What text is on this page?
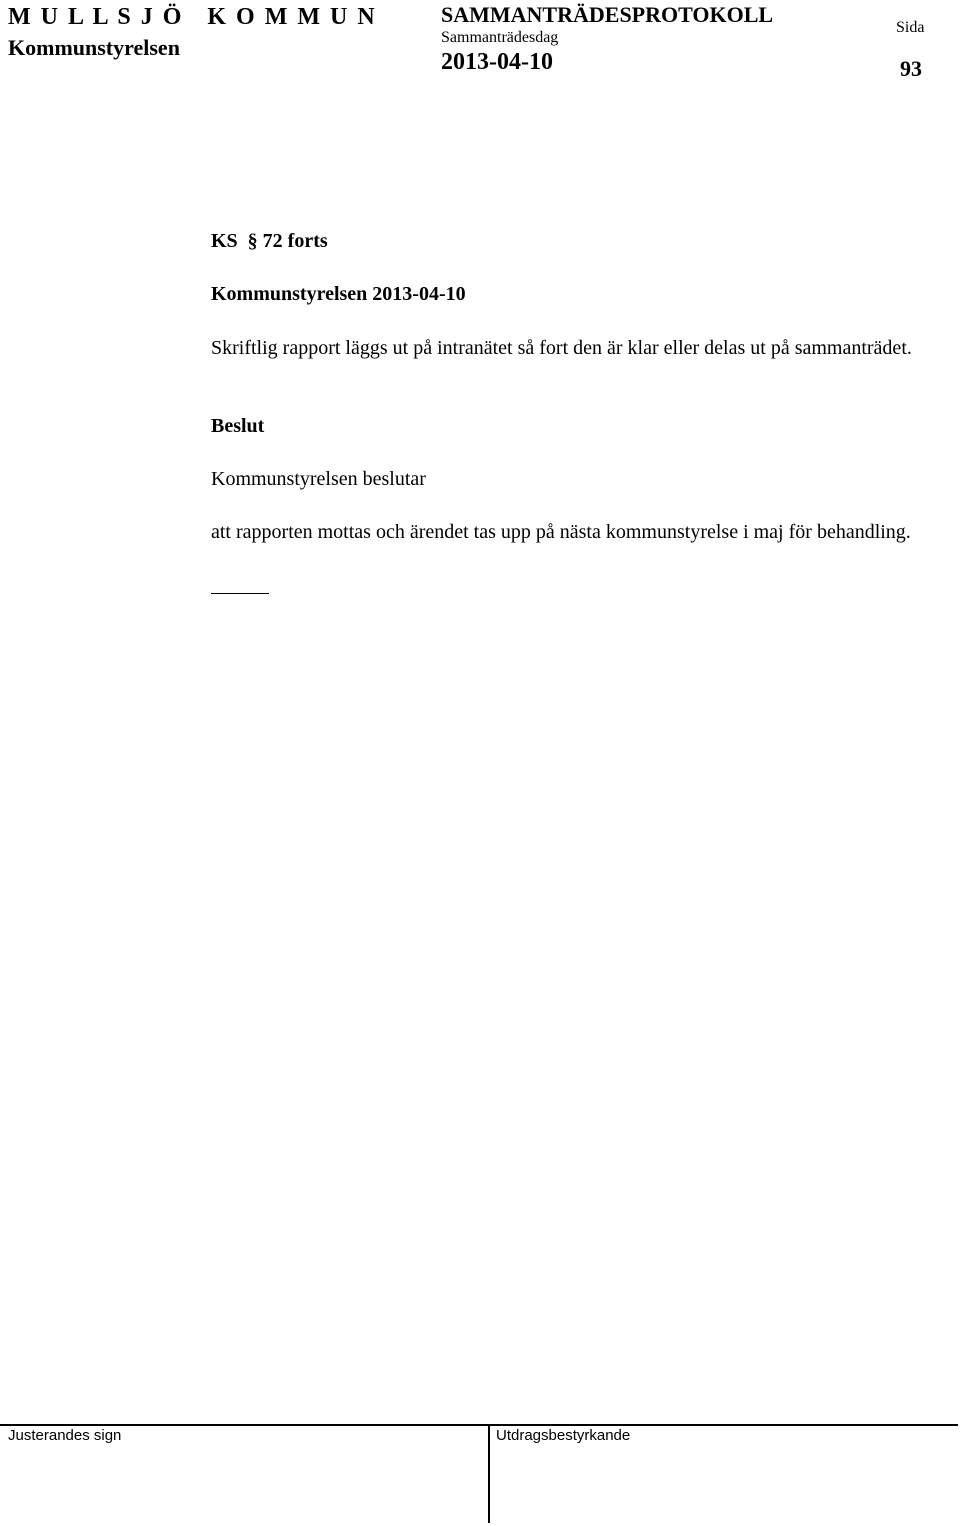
M U L L S J Ö   K O M M U N
Kommunstyrelsen
SAMMANTRÄDESPROTOKOLL
Sammanträdesdag
2013-04-10
Sida
93
KS  § 72 forts
Kommunstyrelsen 2013-04-10
Skriftlig rapport läggs ut på intranätet så fort den är klar eller delas ut på sammanträdet.
Beslut
Kommunstyrelsen beslutar
att rapporten mottas och ärendet tas upp på nästa kommunstyrelse i maj för behandling.
Justerandes sign	Utdragsbestyrkande
